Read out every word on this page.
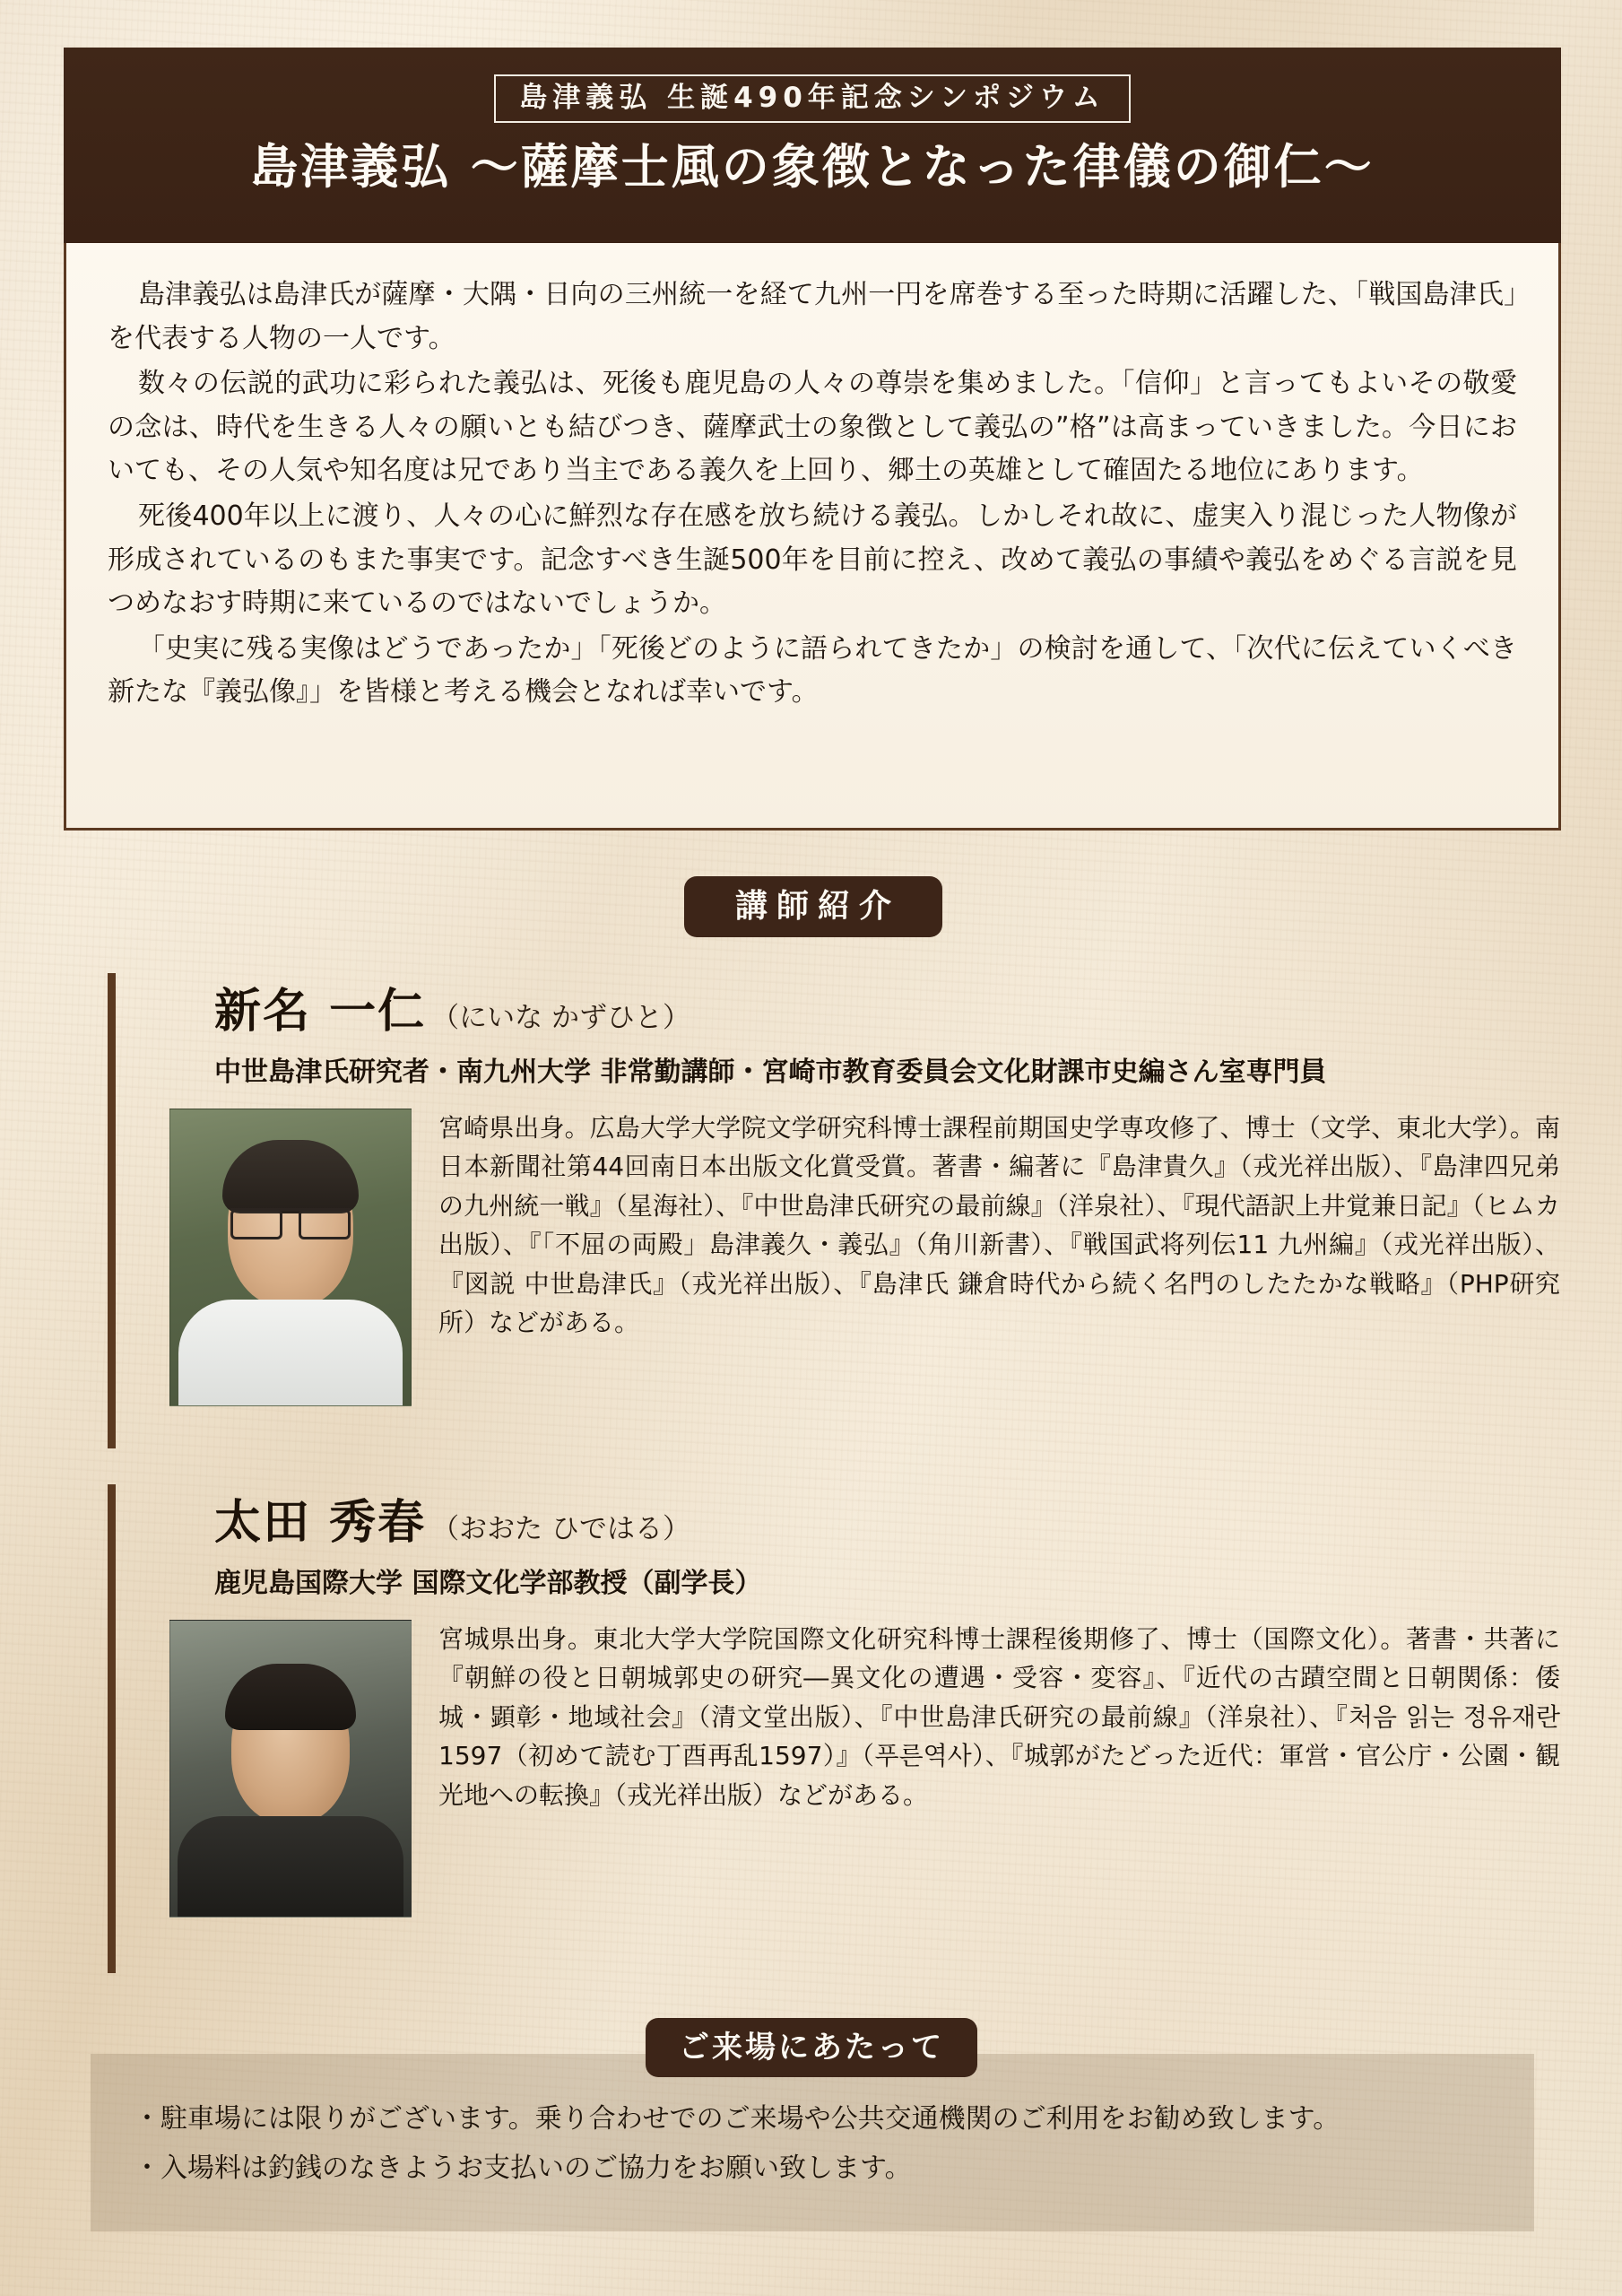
島津義弘 生誕490年記念シンポジウム
島津義弘 〜薩摩士風の象徴となった律儀の御仁〜

島津義弘は島津氏が薩摩・大隅・日向の三州統一を経て九州一円を席巻する至った時期に活躍した、「戦国島津氏」を代表する人物の一人です。

数々の伝説的武功に彩られた義弘は、死後も鹿児島の人々の尊崇を集めました。「信仰」と言ってもよいその敬愛の念は、時代を生きる人々の願いとも結びつき、薩摩武士の象徴として義弘の”格”は高まっていきました。今日においても、その人気や知名度は兄であり当主である義久を上回り、郷土の英雄として確固たる地位にあります。

死後400年以上に渡り、人々の心に鮮烈な存在感を放ち続ける義弘。しかしそれ故に、虚実入り混じった人物像が形成されているのもまた事実です。記念すべき生誕500年を目前に控え、改めて義弘の事績や義弘をめぐる言説を見つめなおす時期に来ているのではないでしょうか。

「史実に残る実像はどうであったか」「死後どのように語られてきたか」の検討を通して、「次代に伝えていくべき新たな『義弘像』」を皆様と考える機会となれば幸いです。

講師紹介
新名 一仁 （にいな かずひと）
中世島津氏研究者・南九州大学 非常勤講師・宮崎市教育委員会文化財課市史編さん室専門員
宮崎県出身。広島大学大学院文学研究科博士課程前期国史学専攻修了、博士（文学、東北大学）。南日本新聞社第44回南日本出版文化賞受賞。著書・編著に『島津貴久』（戎光祥出版）、『島津四兄弟の九州統一戦』（星海社）、『中世島津氏研究の最前線』（洋泉社）、『現代語訳上井覚兼日記』（ヒムカ出版）、『「不屈の両殿」島津義久・義弘』（角川新書）、『戦国武将列伝11 九州編』（戎光祥出版）、『図説 中世島津氏』（戎光祥出版）、『島津氏 鎌倉時代から続く名門のしたたかな戦略』（PHP研究所）などがある。
太田 秀春 （おおた ひではる）
鹿児島国際大学 国際文化学部教授（副学長）
宮城県出身。東北大学大学院国際文化研究科博士課程後期修了、博士（国際文化）。著書・共著に『朝鮮の役と日朝城郭史の研究―異文化の遭遇・受容・変容』、『近代の古蹟空間と日朝関係：倭城・顕彰・地域社会』（清文堂出版）、『中世島津氏研究の最前線』（洋泉社）、『처음 읽는 정유재란 1597（初めて読む丁酉再乱1597）』（푸른역사）、『城郭がたどった近代：軍営・官公庁・公園・観光地への転換』（戎光祥出版）などがある。

・駐車場には限りがございます。乗り合わせでのご来場や公共交通機関のご利用をお勧め致します。

・入場料は釣銭のなきようお支払いのご協力をお願い致します。

ご来場にあたって
